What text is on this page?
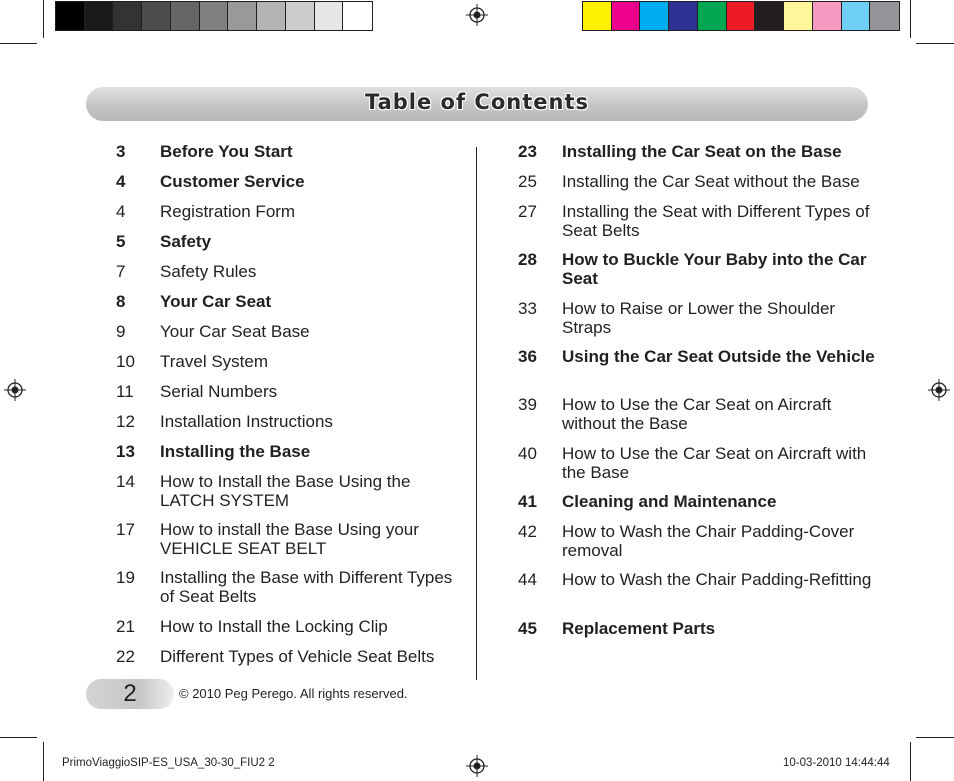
Table of Contents
3 Before You Start
4 Customer Service
4 Registration Form
5 Safety
7 Safety Rules
8 Your Car Seat
9 Your Car Seat Base
10 Travel System
11 Serial Numbers
12 Installation Instructions
13 Installing the Base
14 How to Install the Base Using the LATCH SYSTEM
17 How to install the Base Using your VEHICLE SEAT BELT
19 Installing the Base with Different Types of Seat Belts
21 How to Install the Locking Clip
22 Different Types of Vehicle Seat Belts
23 Installing the Car Seat on the Base
25 Installing the Car Seat without the Base
27 Installing the Seat with Different Types of Seat Belts
28 How to Buckle Your Baby into the Car Seat
33 How to Raise or Lower the Shoulder Straps
36 Using the Car Seat Outside the Vehicle
39 How to Use the Car Seat on Aircraft without the Base
40 How to Use the Car Seat on Aircraft with the Base
41 Cleaning and Maintenance
42 How to Wash the Chair Padding-Cover removal
44 How to Wash the Chair Padding-Refitting
45 Replacement Parts
2	© 2010 Peg Perego. All rights reserved.
PrimoViaggioSIP-ES_USA_30-30_FIU2 2	10-03-2010 14:44:44
